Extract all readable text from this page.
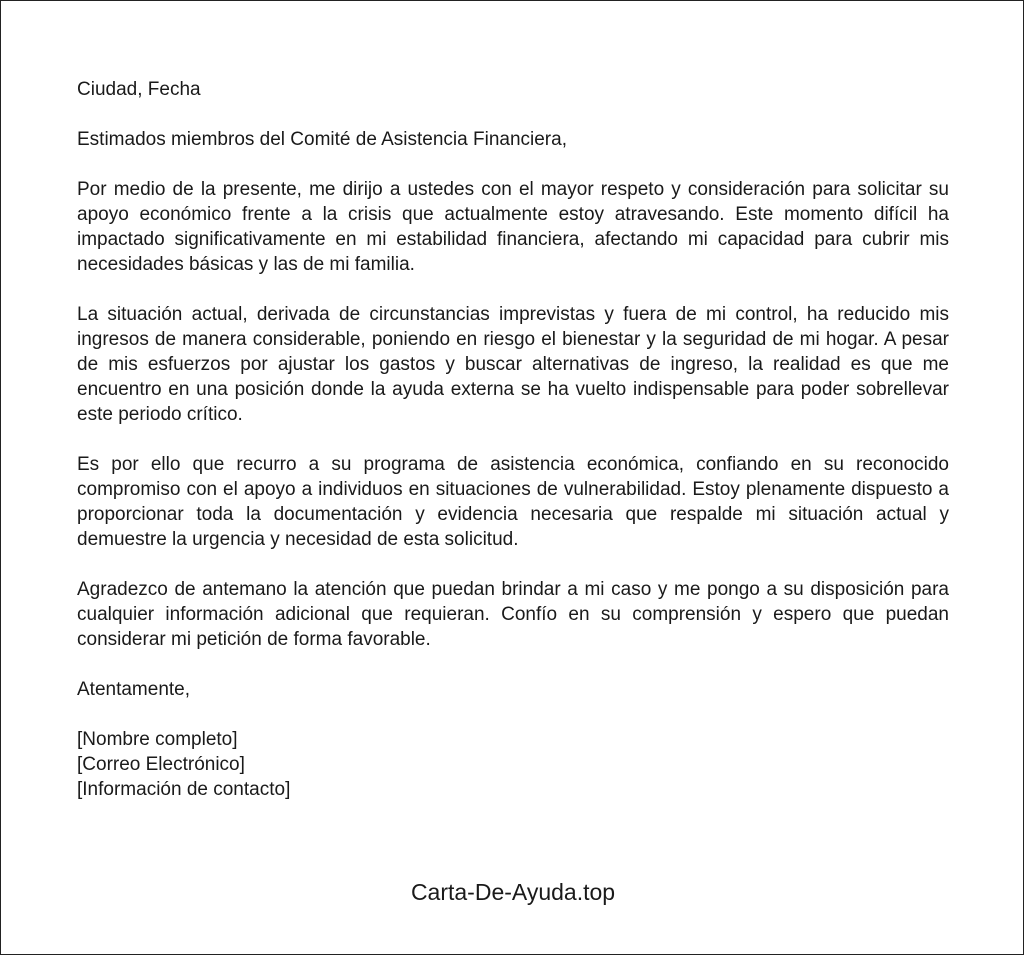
Ciudad, Fecha

Estimados miembros del Comité de Asistencia Financiera,

Por medio de la presente, me dirijo a ustedes con el mayor respeto y consideración para solicitar su apoyo económico frente a la crisis que actualmente estoy atravesando. Este momento difícil ha impactado significativamente en mi estabilidad financiera, afectando mi capacidad para cubrir mis necesidades básicas y las de mi familia.

La situación actual, derivada de circunstancias imprevistas y fuera de mi control, ha reducido mis ingresos de manera considerable, poniendo en riesgo el bienestar y la seguridad de mi hogar. A pesar de mis esfuerzos por ajustar los gastos y buscar alternativas de ingreso, la realidad es que me encuentro en una posición donde la ayuda externa se ha vuelto indispensable para poder sobrellevar este periodo crítico.

Es por ello que recurro a su programa de asistencia económica, confiando en su reconocido compromiso con el apoyo a individuos en situaciones de vulnerabilidad. Estoy plenamente dispuesto a proporcionar toda la documentación y evidencia necesaria que respalde mi situación actual y demuestre la urgencia y necesidad de esta solicitud.

Agradezco de antemano la atención que puedan brindar a mi caso y me pongo a su disposición para cualquier información adicional que requieran. Confío en su comprensión y espero que puedan considerar mi petición de forma favorable.

Atentamente,

[Nombre completo]
[Correo Electrónico]
[Información de contacto]

Carta-De-Ayuda.top
